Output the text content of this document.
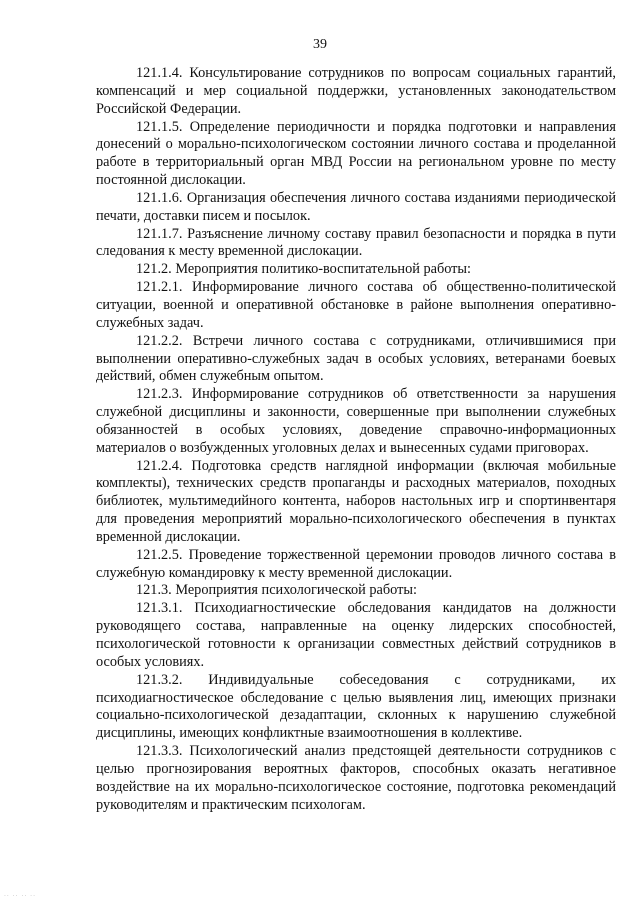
39

121.1.4. Консультирование сотрудников по вопросам социальных гарантий, компенсаций и мер социальной поддержки, установленных законодательством Российской Федерации.

121.1.5. Определение периодичности и порядка подготовки и направления донесений о морально-психологическом состоянии личного состава и проделанной работе в территориальный орган МВД России на региональном уровне по месту постоянной дислокации.

121.1.6. Организация обеспечения личного состава изданиями периодической печати, доставки писем и посылок.

121.1.7. Разъяснение личному составу правил безопасности и порядка в пути следования к месту временной дислокации.

121.2. Мероприятия политико-воспитательной работы:

121.2.1. Информирование личного состава об общественно-политической ситуации, военной и оперативной обстановке в районе выполнения оперативно-служебных задач.

121.2.2. Встречи личного состава с сотрудниками, отличившимися при выполнении оперативно-служебных задач в особых условиях, ветеранами боевых действий, обмен служебным опытом.

121.2.3. Информирование сотрудников об ответственности за нарушения служебной дисциплины и законности, совершенные при выполнении служебных обязанностей в особых условиях, доведение справочно-информационных материалов о возбужденных уголовных делах и вынесенных судами приговорах.

121.2.4. Подготовка средств наглядной информации (включая мобильные комплекты), технических средств пропаганды и расходных материалов, походных библиотек, мультимедийного контента, наборов настольных игр и спортинвентаря для проведения мероприятий морально-психологического обеспечения в пунктах временной дислокации.

121.2.5. Проведение торжественной церемонии проводов личного состава в служебную командировку к месту временной дислокации.

121.3. Мероприятия психологической работы:

121.3.1. Психодиагностические обследования кандидатов на должности руководящего состава, направленные на оценку лидерских способностей, психологической готовности к организации совместных действий сотрудников в особых условиях.

121.3.2. Индивидуальные собеседования с сотрудниками, их психодиагностическое обследование с целью выявления лиц, имеющих признаки социально-психологической дезадаптации, склонных к нарушению служебной дисциплины, имеющих конфликтные взаимоотношения в коллективе.

121.3.3. Психологический анализ предстоящей деятельности сотрудников с целью прогнозирования вероятных факторов, способных оказать негативное воздействие на их морально-психологическое состояние, подготовка рекомендаций руководителям и практическим психологам.

·· ·· ·· ··
